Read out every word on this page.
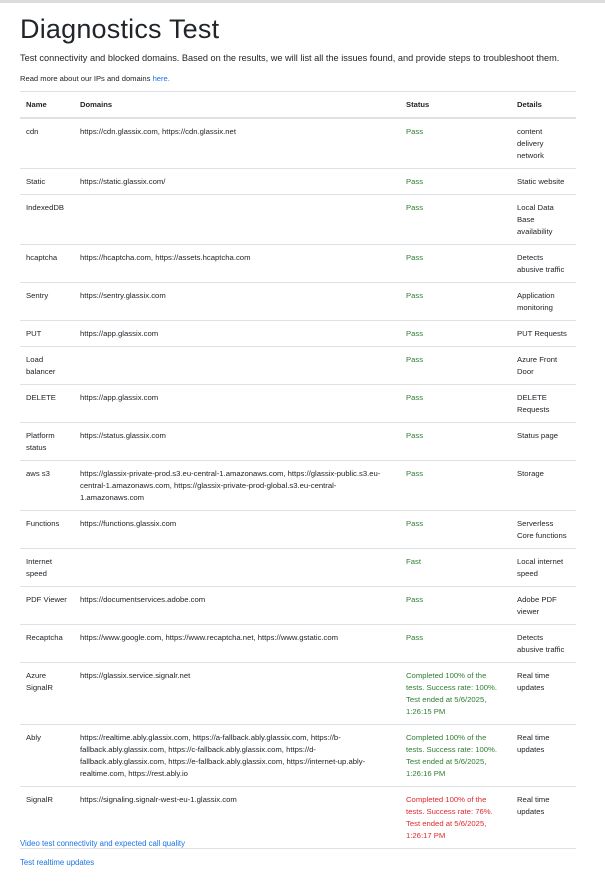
Diagnostics Test

Test connectivity and blocked domains. Based on the results, we will list all the issues found, and provide steps to troubleshoot them.

Read more about our IPs and domains here.

Name	Domains	Status	Details
cdn	https://cdn.glassix.com, https://cdn.glassix.net	Pass	content delivery network
Static	https://static.glassix.com/	Pass	Static website
IndexedDB		Pass	Local Data Base availability
hcaptcha	https://hcaptcha.com, https://assets.hcaptcha.com	Pass	Detects abusive traffic
Sentry	https://sentry.glassix.com	Pass	Application monitoring
PUT	https://app.glassix.com	Pass	PUT Requests
Load balancer		Pass	Azure Front Door
DELETE	https://app.glassix.com	Pass	DELETE Requests
Platform status	https://status.glassix.com	Pass	Status page
aws s3	https://glassix-private-prod.s3.eu-central-1.amazonaws.com, https://glassix-public.s3.eu-central-1.amazonaws.com, https://glassix-private-prod-global.s3.eu-central-1.amazonaws.com	Pass	Storage
Functions	https://functions.glassix.com	Pass	Serverless Core functions
Internet speed		Fast	Local internet speed
PDF Viewer	https://documentservices.adobe.com	Pass	Adobe PDF viewer
Recaptcha	https://www.google.com, https://www.recaptcha.net, https://www.gstatic.com	Pass	Detects abusive traffic
Azure SignalR	https://glassix.service.signalr.net	Completed 100% of the tests. Success rate: 100%. Test ended at 5/6/2025, 1:26:15 PM	Real time updates
Ably	https://realtime.ably.glassix.com, https://a-fallback.ably.glassix.com, https://b-fallback.ably.glassix.com, https://c-fallback.ably.glassix.com, https://d-fallback.ably.glassix.com, https://e-fallback.ably.glassix.com, https://internet-up.ably-realtime.com, https://rest.ably.io	Completed 100% of the tests. Success rate: 100%. Test ended at 5/6/2025, 1:26:16 PM	Real time updates
SignalR	https://signaling.signalr-west-eu-1.glassix.com	Completed 100% of the tests. Success rate: 76%. Test ended at 5/6/2025, 1:26:17 PM	Real time updates
Video test connectivity and expected call quality
Test realtime updates
